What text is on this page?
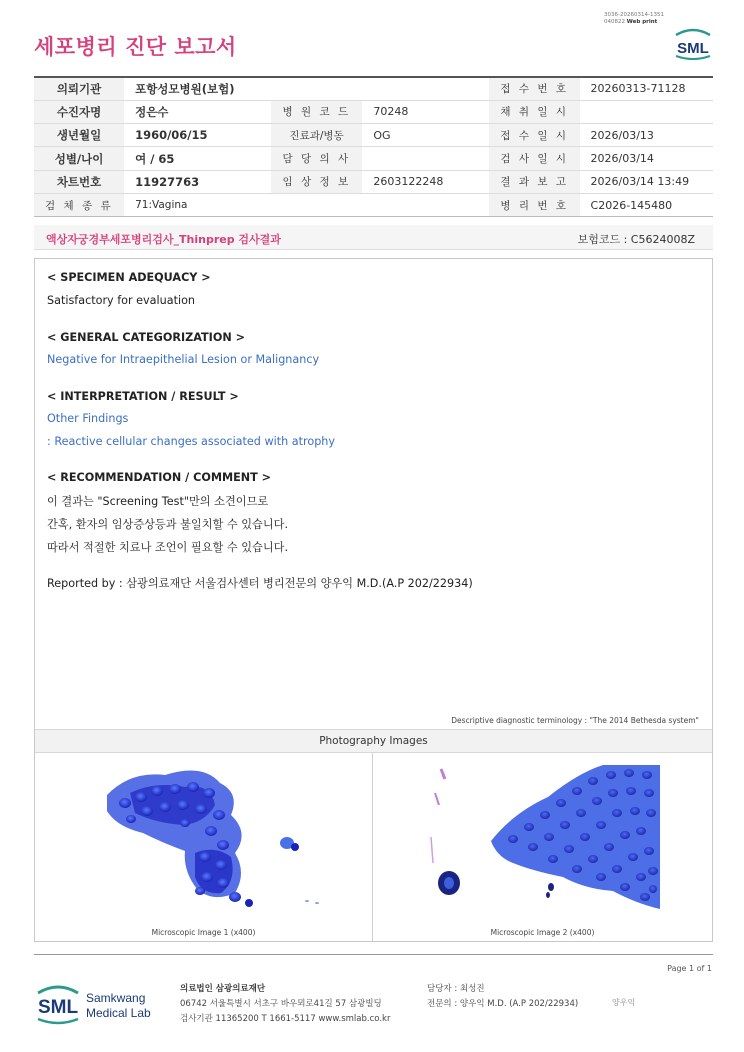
3036-20260314-1351
040822 Web print
세포병리 진단 보고서	SML
의뢰기관	포항성모병원(보험)			접 수 번 호	20260313-71128
수진자명	정은수	병 원 코 드	70248	채 취 일 시	
생년월일	1960/06/15	진료과/병동	OG	접 수 일 시	2026/03/13
성별/나이	여 / 65	담 당 의 사		검 사 일 시	2026/03/14
차트번호	11927763	임 상 정 보	2603122248	결 과 보 고	2026/03/14 13:49
검 체 종 류	71:Vagina			병 리 번 호	C2026-145480
액상자궁경부세포병리검사_Thinprep 검사결과	보험코드 : C5624008Z
< SPECIMEN ADEQUACY >
Satisfactory for evaluation
< GENERAL CATEGORIZATION >
Negative for Intraepithelial Lesion or Malignancy
< INTERPRETATION / RESULT >
Other Findings
: Reactive cellular changes associated with atrophy
< RECOMMENDATION / COMMENT >
이 결과는 "Screening Test"만의 소견이므로
간혹, 환자의 임상증상등과 불일치할 수 있습니다.
따라서 적절한 치료나 조언이 필요할 수 있습니다.
Reported by : 삼광의료재단 서울검사센터 병리전문의 양우익 M.D.(A.P 202/22934)
Descriptive diagnostic terminology : "The 2014 Bethesda system"
Photography Images
Microscopic Image 1 (x400)	Microscopic Image 2 (x400)
Page 1 of 1
SML Samkwang
Medical Lab
의료법인 삼광의료재단
06742 서울특별시 서초구 바우뫼로41길 57 삼광빌딩
검사기관 11365200 T 1661-5117 www.smlab.co.kr
담당자 : 최성진
전문의 : 양우익 M.D. (A.P 202/22934)	양우익
